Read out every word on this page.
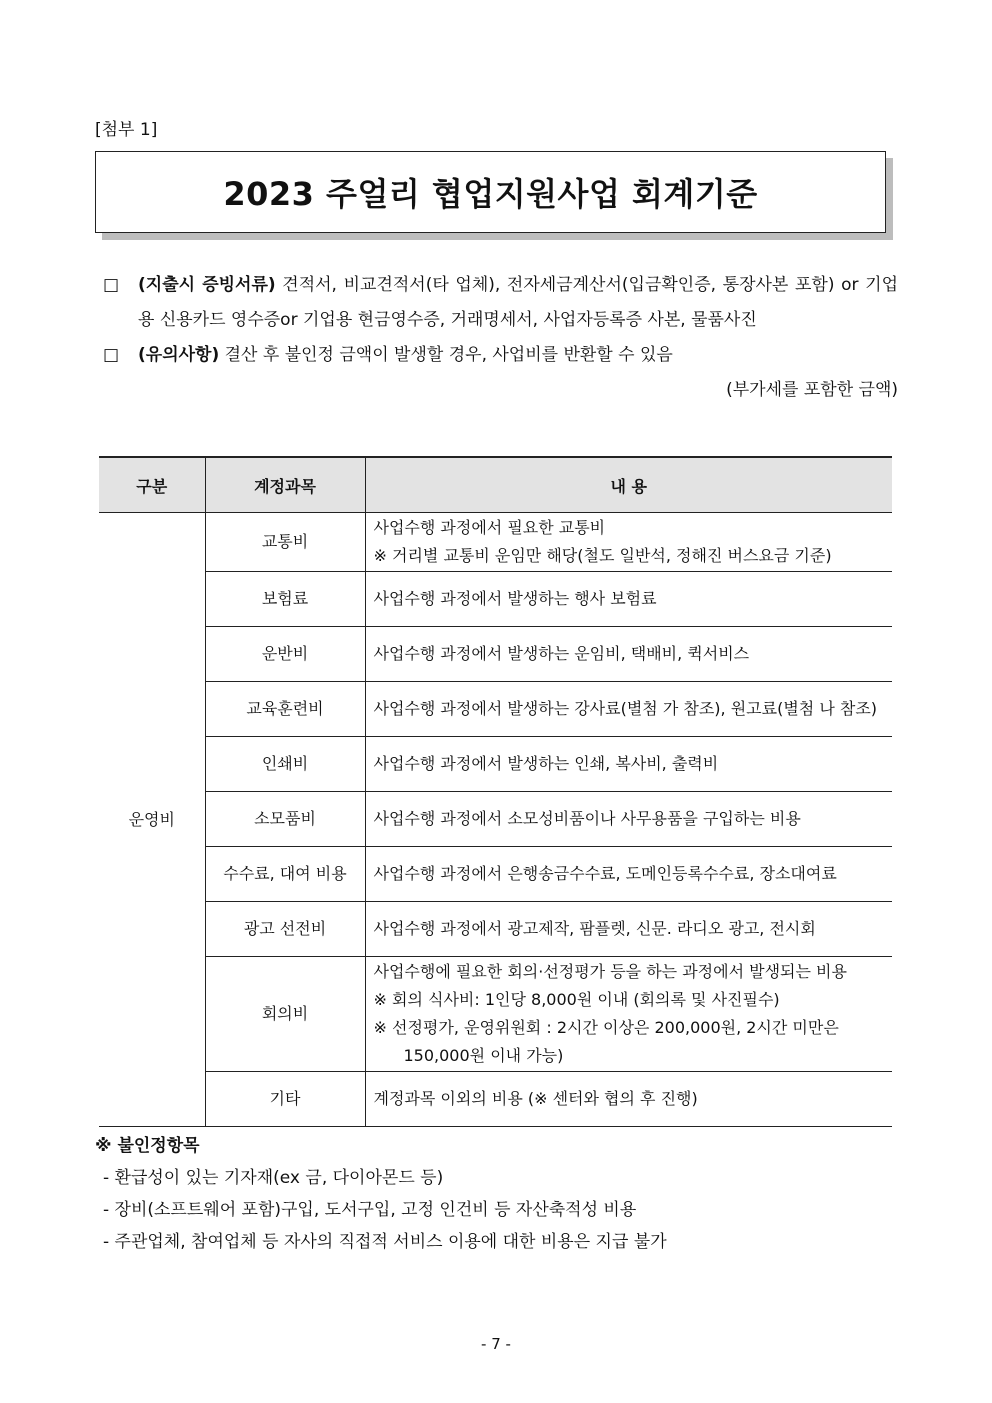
[첨부 1]
2023 주얼리 협업지원사업 회계기준
□ (지출시 증빙서류) 견적서, 비교견적서(타 업체), 전자세금계산서(입금확인증, 통장사본 포함) or 기업용 신용카드 영수증or 기업용 현금영수증, 거래명세서, 사업자등록증 사본, 물품사진
□ (유의사항) 결산 후 불인정 금액이 발생할 경우, 사업비를 반환할 수 있음
(부가세를 포함한 금액)
구분	계정과목	내 용
운영비	교통비	사업수행 과정에서 필요한 교통비
※ 거리별 교통비 운임만 해당(철도 일반석, 정해진 버스요금 기준)

	보험료	사업수행 과정에서 발생하는 행사 보험료

	운반비	사업수행 과정에서 발생하는 운임비, 택배비, 퀵서비스

	교육훈련비	사업수행 과정에서 발생하는 강사료(별첨 가 참조), 원고료(별첨 나 참조)

	인쇄비	사업수행 과정에서 발생하는 인쇄, 복사비, 출력비

	소모품비	사업수행 과정에서 소모성비품이나 사무용품을 구입하는 비용

	수수료, 대여 비용	사업수행 과정에서 은행송금수수료, 도메인등록수수료, 장소대여료

	광고 선전비	사업수행 과정에서 광고제작, 팜플렛, 신문. 라디오 광고, 전시회

	회의비	사업수행에 필요한 회의·선정평가 등을 하는 과정에서 발생되는 비용
※ 회의 식사비: 1인당 8,000원 이내 (회의록 및 사진필수)
※ 선정평가, 운영위원회 : 2시간 이상은 200,000원, 2시간 미만은
150,000원 이내 가능)

	기타	계정과목 이외의 비용 (※ 센터와 협의 후 진행)
※ 불인정항목
- 환급성이 있는 기자재(ex 금, 다이아몬드 등)
- 장비(소프트웨어 포함)구입, 도서구입, 고정 인건비 등 자산축적성 비용
- 주관업체, 참여업체 등 자사의 직접적 서비스 이용에 대한 비용은 지급 불가
- 7 -
